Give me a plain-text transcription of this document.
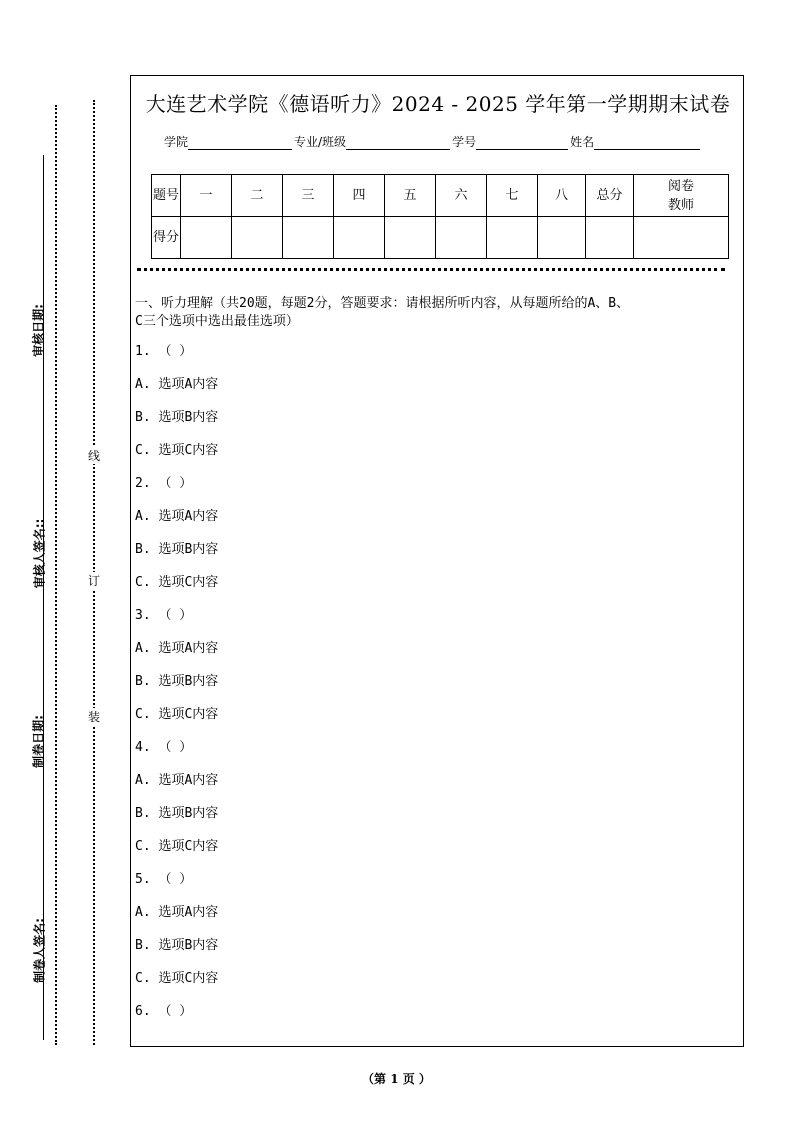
审核日期:
审核人签名::
制卷日期:
制卷人签名:
线
订
装
大连艺术学院《德语听力》2024 - 2025 学年第一学期期末试卷
学院	专业/班级	学号	姓名
题号	一	二	三	四	五	六	七	八	总分	阅卷教师

得分										
一、听力理解（共20题，每题2分，答题要求：请根据所听内容，从每题所给的A、B、
C三个选项中选出最佳选项）
1. （ ）
A. 选项A内容
B. 选项B内容
C. 选项C内容
2. （ ）
A. 选项A内容
B. 选项B内容
C. 选项C内容
3. （ ）
A. 选项A内容
B. 选项B内容
C. 选项C内容
4. （ ）
A. 选项A内容
B. 选项B内容
C. 选项C内容
5. （ ）
A. 选项A内容
B. 选项B内容
C. 选项C内容
6. （ ）
（第 1 页 ）
